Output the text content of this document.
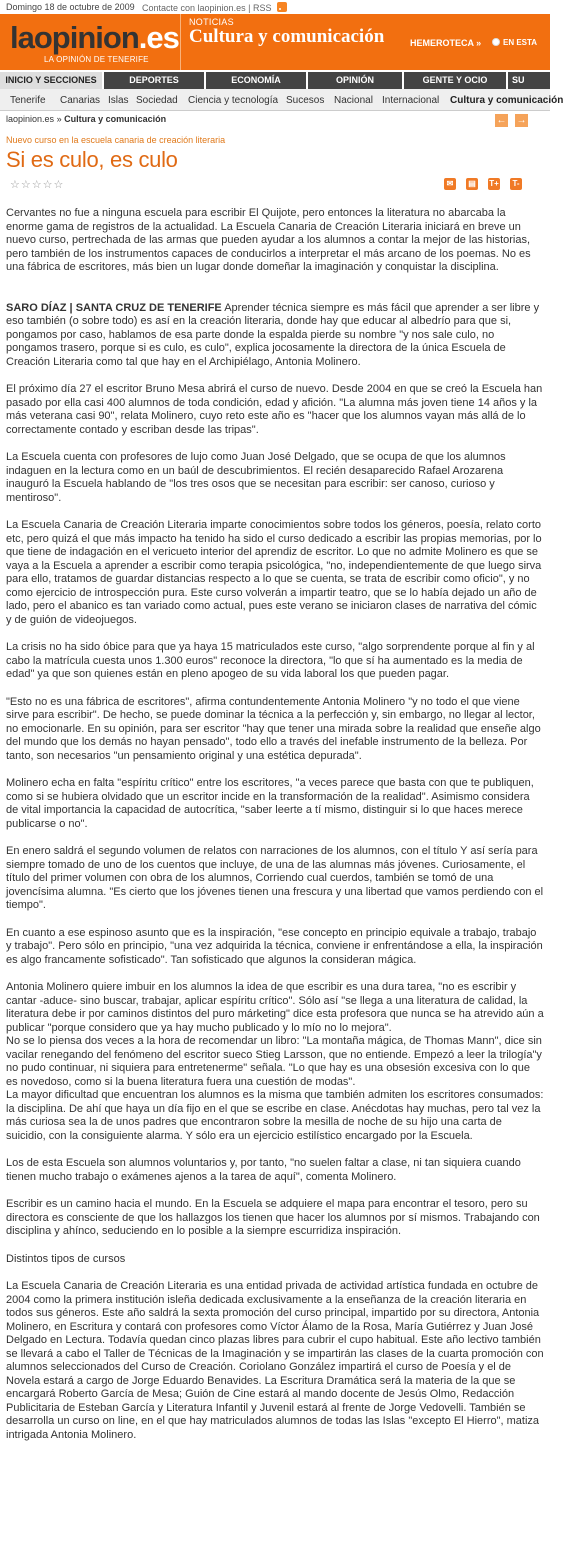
Domingo 18 de octubre de 2009 Contacte con laopinion.es | RSS
laopinion.es
LA OPINIÓN DE TENERIFE
NOTICIAS
Cultura y comunicación	HEMEROTECA »	EN ESTA
INICIO Y SECCIONES	DEPORTES	ECONOMÍA	OPINIÓN	GENTE Y OCIO	SU
Tenerife Canarias Islas Sociedad Ciencia y tecnología Sucesos Nacional Internacional Cultura y comunicación
laopinion.es » Cultura y comunicación	← →
Nuevo curso en la escuela canaria de creación literaria
Si es culo, es culo
☆☆☆☆☆	✉	▤ T+	T-

Cervantes no fue a ninguna escuela para escribir El Quijote, pero entonces la literatura no abarcaba la enorme gama de registros de la actualidad. La Escuela Canaria de Creación Literaria iniciará en breve un nuevo curso, pertrechada de las armas que pueden ayudar a los alumnos a contar la mejor de las historias, pero también de los instrumentos capaces de conducirlos a interpretar el más arcano de los poemas. No es una fábrica de escritores, más bien un lugar donde domeñar la imaginación y conquistar la disciplina.

SARO DÍAZ | SANTA CRUZ DE TENERIFE Aprender técnica siempre es más fácil que aprender a ser libre y eso también (o sobre todo) es así en la creación literaria, donde hay que educar al albedrío para que si, pongamos por caso, hablamos de esa parte donde la espalda pierde su nombre "y nos sale culo, no pongamos trasero, porque si es culo, es culo", explica jocosamente la directora de la única Escuela de Creación Literaria como tal que hay en el Archipiélago, Antonia Molinero.

El próximo día 27 el escritor Bruno Mesa abrirá el curso de nuevo. Desde 2004 en que se creó la Escuela han pasado por ella casi 400 alumnos de toda condición, edad y afición. "La alumna más joven tiene 14 años y la más veterana casi 90", relata Molinero, cuyo reto este año es "hacer que los alumnos vayan más allá de lo correctamente contado y escriban desde las tripas".

La Escuela cuenta con profesores de lujo como Juan José Delgado, que se ocupa de que los alumnos indaguen en la lectura como en un baúl de descubrimientos. El recién desaparecido Rafael Arozarena inauguró la Escuela hablando de "los tres osos que se necesitan para escribir: ser canoso, curioso y mentiroso".

La Escuela Canaria de Creación Literaria imparte conocimientos sobre todos los géneros, poesía, relato corto etc, pero quizá el que más impacto ha tenido ha sido el curso dedicado a escribir las propias memorias, por lo que tiene de indagación en el vericueto interior del aprendiz de escritor. Lo que no admite Molinero es que se vaya a la Escuela a aprender a escribir como terapia psicológica, "no, independientemente de que luego sirva para ello, tratamos de guardar distancias respecto a lo que se cuenta, se trata de escribir como oficio", y no como ejercicio de introspección pura. Este curso volverán a impartir teatro, que se lo había dejado un año de lado, pero el abanico es tan variado como actual, pues este verano se iniciaron clases de narrativa del cómic y de guión de videojuegos.

La crisis no ha sido óbice para que ya haya 15 matriculados este curso, "algo sorprendente porque al fin y al cabo la matrícula cuesta unos 1.300 euros" reconoce la directora, "lo que sí ha aumentado es la media de edad" ya que son quienes están en pleno apogeo de su vida laboral los que pueden pagar.

"Esto no es una fábrica de escritores", afirma contundentemente Antonia Molinero "y no todo el que viene sirve para escribir". De hecho, se puede dominar la técnica a la perfección y, sin embargo, no llegar al lector, no emocionarle. En su opinión, para ser escritor "hay que tener una mirada sobre la realidad que enseñe algo del mundo que los demás no hayan pensado", todo ello a través del inefable instrumento de la belleza. Por tanto, son necesarios "un pensamiento original y una estética depurada".

Molinero echa en falta "espíritu crítico" entre los escritores, "a veces parece que basta con que te publiquen, como si se hubiera olvidado que un escritor incide en la transformación de la realidad". Asimismo considera de vital importancia la capacidad de autocrítica, "saber leerte a tí mismo, distinguir si lo que haces merece publicarse o no".

En enero saldrá el segundo volumen de relatos con narraciones de los alumnos, con el título Y así sería para siempre tomado de uno de los cuentos que incluye, de una de las alumnas más jóvenes. Curiosamente, el título del primer volumen con obra de los alumnos, Corriendo cual cuerdos, también se tomó de una jovencísima alumna. "Es cierto que los jóvenes tienen una frescura y una libertad que vamos perdiendo con el tiempo".

En cuanto a ese espinoso asunto que es la inspiración, "ese concepto en principio equivale a trabajo, trabajo y trabajo". Pero sólo en principio, "una vez adquirida la técnica, conviene ir enfrentándose a ella, la inspiración es algo francamente sofisticado". Tan sofisticado que algunos la consideran mágica.

Antonia Molinero quiere imbuir en los alumnos la idea de que escribir es una dura tarea, "no es escribir y cantar -aduce- sino buscar, trabajar, aplicar espíritu crítico". Sólo así "se llega a una literatura de calidad, la literatura debe ir por caminos distintos del puro márketing" dice esta profesora que nunca se ha atrevido aún a publicar "porque considero que ya hay mucho publicado y lo mío no lo mejora".

No se lo piensa dos veces a la hora de recomendar un libro: "La montaña mágica, de Thomas Mann", dice sin vacilar renegando del fenómeno del escritor sueco Stieg Larsson, que no entiende. Empezó a leer la trilogía"y no pudo continuar, ni siquiera para entretenerme" señala. "Lo que hay es una obsesión excesiva con lo que es novedoso, como si la buena literatura fuera una cuestión de modas".

La mayor dificultad que encuentran los alumnos es la misma que también admiten los escritores consumados: la disciplina. De ahí que haya un día fijo en el que se escribe en clase. Anécdotas hay muchas, pero tal vez la más curiosa sea la de unos padres que encontraron sobre la mesilla de noche de su hijo una carta de suicidio, con la consiguiente alarma. Y sólo era un ejercicio estilístico encargado por la Escuela.

Los de esta Escuela son alumnos voluntarios y, por tanto, "no suelen faltar a clase, ni tan siquiera cuando tienen mucho trabajo o exámenes ajenos a la tarea de aquí", comenta Molinero.

Escribir es un camino hacia el mundo. En la Escuela se adquiere el mapa para encontrar el tesoro, pero su directora es consciente de que los hallazgos los tienen que hacer los alumnos por sí mismos. Trabajando con disciplina y ahínco, seduciendo en lo posible a la siempre escurridiza inspiración.

Distintos tipos de cursos

La Escuela Canaria de Creación Literaria es una entidad privada de actividad artística fundada en octubre de 2004 como la primera institución isleña dedicada exclusivamente a la enseñanza de la creación literaria en todos sus géneros. Este año saldrá la sexta promoción del curso principal, impartido por su directora, Antonia Molinero, en Escritura y contará con profesores como Víctor Álamo de la Rosa, María Gutiérrez y Juan José Delgado en Lectura. Todavía quedan cinco plazas libres para cubrir el cupo habitual. Este año lectivo también se llevará a cabo el Taller de Técnicas de la Imaginación y se impartirán las clases de la cuarta promoción con alumnos seleccionados del Curso de Creación. Coriolano González impartirá el curso de Poesía y el de Novela estará a cargo de Jorge Eduardo Benavides. La Escritura Dramática será la materia de la que se encargará Roberto García de Mesa; Guión de Cine estará al mando docente de Jesús Olmo, Redacción Publicitaria de Esteban García y Literatura Infantil y Juvenil estará al frente de Jorge Vedovelli. También se desarrolla un curso on line, en el que hay matriculados alumnos de todas las Islas "excepto El Hierro", matiza intrigada Antonia Molinero.
